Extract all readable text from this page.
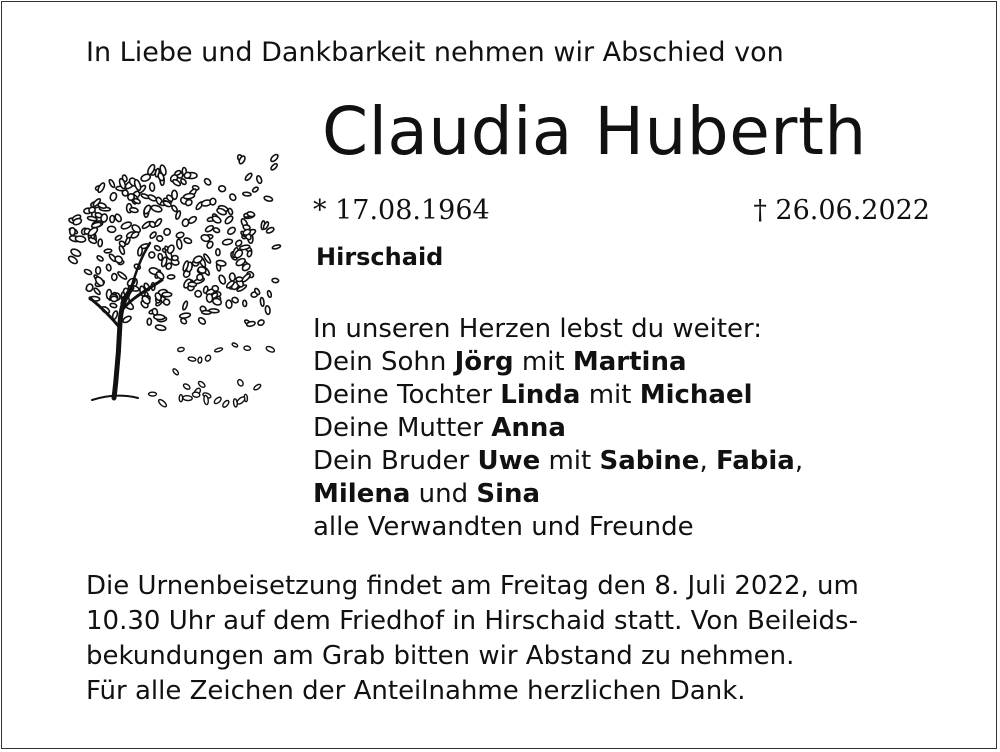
In Liebe und Dankbarkeit nehmen wir Abschied von
Claudia Huberth
* 17.08.1964	† 26.06.2022
Hirschaid
In unseren Herzen lebst du weiter:
Dein Sohn Jörg mit Martina
Deine Tochter Linda mit Michael
Deine Mutter Anna
Dein Bruder Uwe mit Sabine, Fabia,
Milena und Sina
alle Verwandten und Freunde
Die Urnenbeisetzung findet am Freitag den 8. Juli 2022, um
10.30 Uhr auf dem Friedhof in Hirschaid statt. Von Beileids-
bekundungen am Grab bitten wir Abstand zu nehmen.
Für alle Zeichen der Anteilnahme herzlichen Dank.
